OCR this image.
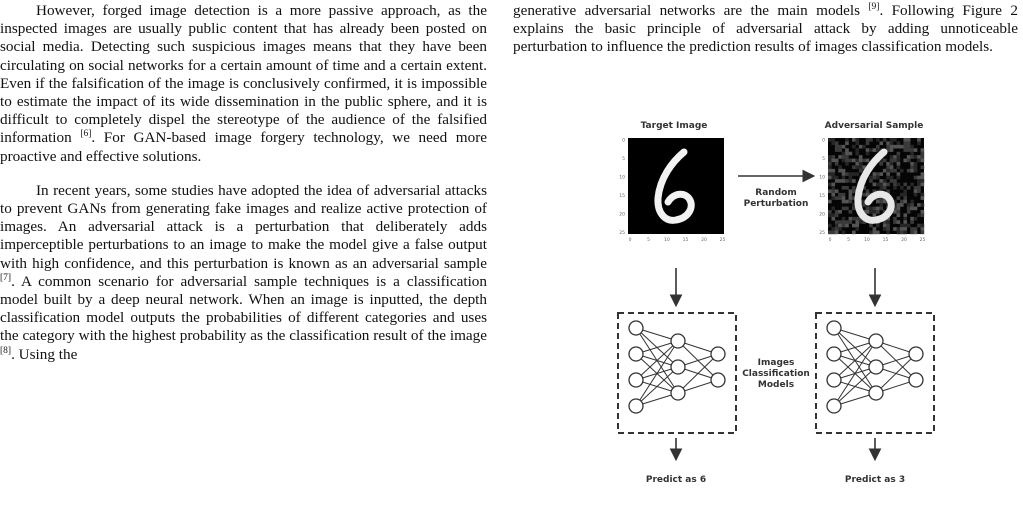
However, forged image detection is a more passive approach, as the inspected images are usually public content that has already been posted on social media. Detecting such suspicious images means that they have been circulating on social networks for a certain amount of time and a certain extent. Even if the falsification of the image is conclusively confirmed, it is impossible to estimate the impact of its wide dissemination in the public sphere, and it is difficult to completely dispel the stereotype of the audience of the falsified information [6]. For GAN-based image forgery technology, we need more proactive and effective solutions.

In recent years, some studies have adopted the idea of adversarial attacks to prevent GANs from generating fake images and realize active protection of images. An adversarial attack is a perturbation that deliberately adds imperceptible perturbations to an image to make the model give a false output with high confidence, and this perturbation is known as an adversarial sample [7]. A common scenario for adversarial sample techniques is a classification model built by a deep neural network. When an image is inputted, the depth classification model outputs the probabilities of different categories and uses the category with the highest probability as the classification result of the image [8]. Using the

generative adversarial networks are the main models [9]. Following Figure 2 explains the basic principle of adversarial attack by adding unnoticeable perturbation to influence the prediction results of images classification models.

Target Image	Adversarial Sample
0
5
10
15
20
25
0	5	10	15	20	25
0
5
10
15
20
25
0	5	10	15	20	25
Random
Perturbation
Images
Classification
Models
Predict as 6	Predict as 3
